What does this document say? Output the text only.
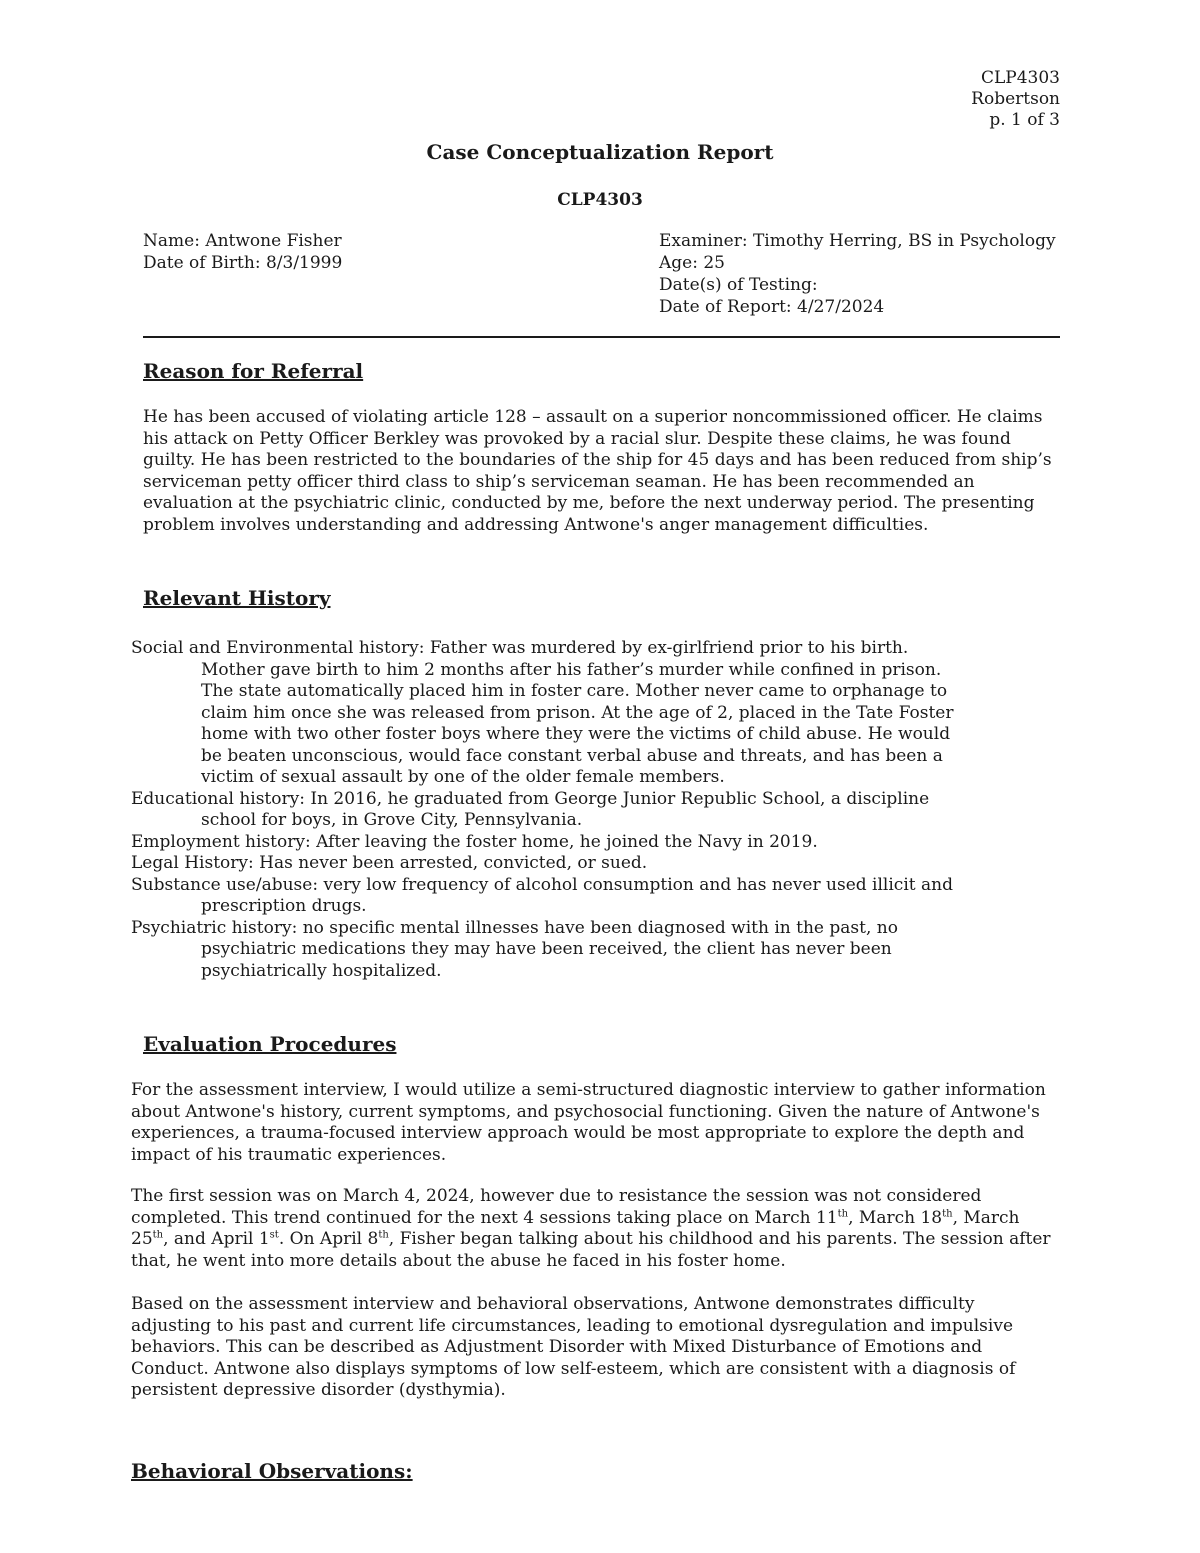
CLP4303
Robertson
p. 1 of 3
Case Conceptualization Report
CLP4303
Name: Antwone Fisher
Date of Birth: 8/3/1999
Examiner: Timothy Herring, BS in Psychology
Age: 25
Date(s) of Testing:
Date of Report: 4/27/2024
Reason for Referral
He has been accused of violating article 128 – assault on a superior noncommissioned officer. He claims his attack on Petty Officer Berkley was provoked by a racial slur. Despite these claims, he was found guilty. He has been restricted to the boundaries of the ship for 45 days and has been reduced from ship’s serviceman petty officer third class to ship’s serviceman seaman. He has been recommended an evaluation at the psychiatric clinic, conducted by me, before the next underway period. The presenting problem involves understanding and addressing Antwone's anger management difficulties.
Relevant History

Social and Environmental history: Father was murdered by ex-girlfriend prior to his birth. Mother gave birth to him 2 months after his father’s murder while confined in prison. The state automatically placed him in foster care. Mother never came to orphanage to claim him once she was released from prison. At the age of 2, placed in the Tate Foster home with two other foster boys where they were the victims of child abuse. He would be beaten unconscious, would face constant verbal abuse and threats, and has been a victim of sexual assault by one of the older female members.

Educational history: In 2016, he graduated from George Junior Republic School, a discipline school for boys, in Grove City, Pennsylvania.

Employment history: After leaving the foster home, he joined the Navy in 2019.

Legal History: Has never been arrested, convicted, or sued.

Substance use/abuse: very low frequency of alcohol consumption and has never used illicit and prescription drugs.

Psychiatric history: no specific mental illnesses have been diagnosed with in the past, no psychiatric medications they may have been received, the client has never been psychiatrically hospitalized.

Evaluation Procedures
For the assessment interview, I would utilize a semi-structured diagnostic interview to gather information about Antwone's history, current symptoms, and psychosocial functioning. Given the nature of Antwone's experiences, a trauma-focused interview approach would be most appropriate to explore the depth and impact of his traumatic experiences.
The first session was on March 4, 2024, however due to resistance the session was not considered completed. This trend continued for the next 4 sessions taking place on March 11th, March 18th, March 25th, and April 1st. On April 8th, Fisher began talking about his childhood and his parents. The session after that, he went into more details about the abuse he faced in his foster home.
Based on the assessment interview and behavioral observations, Antwone demonstrates difficulty adjusting to his past and current life circumstances, leading to emotional dysregulation and impulsive behaviors. This can be described as Adjustment Disorder with Mixed Disturbance of Emotions and Conduct. Antwone also displays symptoms of low self-esteem, which are consistent with a diagnosis of persistent depressive disorder (dysthymia).
Behavioral Observations:
